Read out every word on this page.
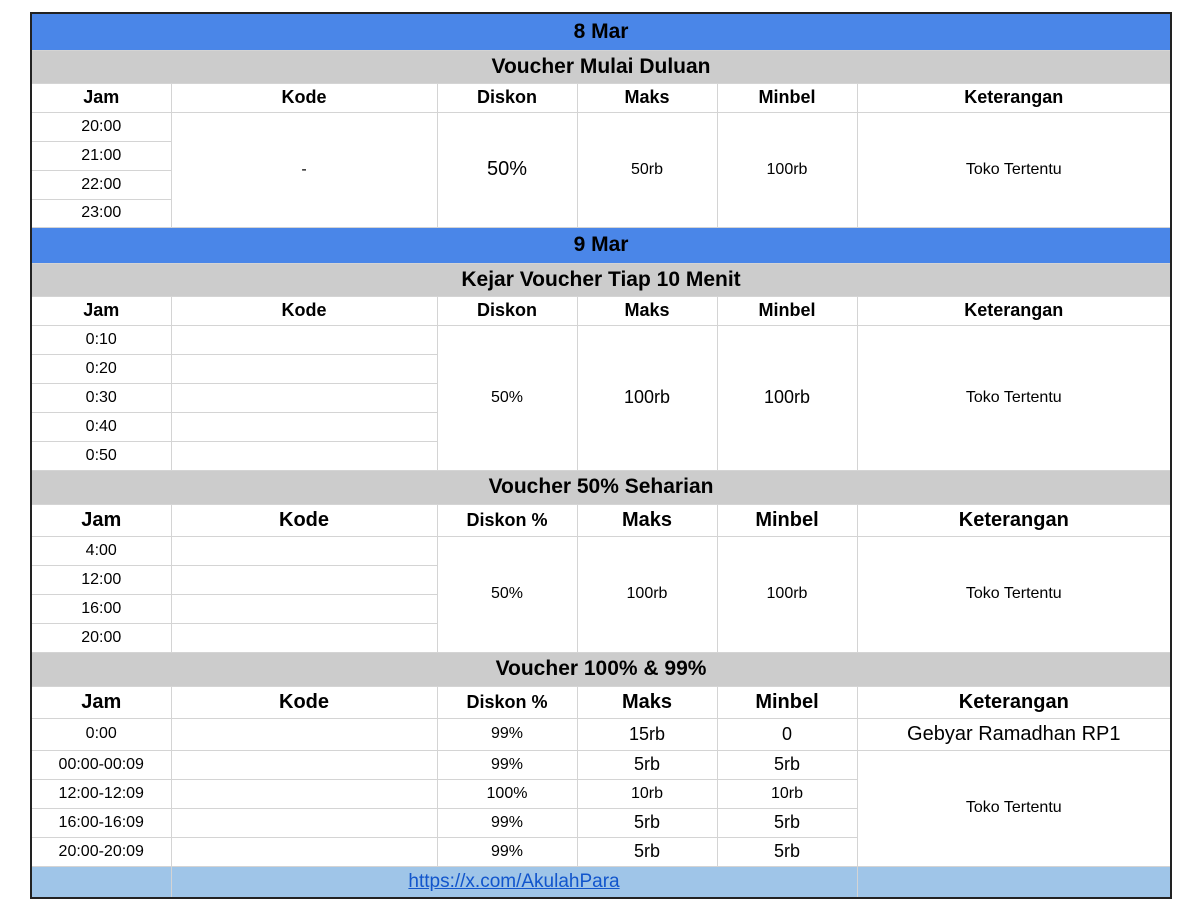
8 Mar					
Voucher Mulai Duluan					
Jam	Kode	Diskon	Maks	Minbel	Keterangan
20:00	-	50%	50rb	100rb	Toko Tertentu
21:00					
22:00					
23:00					
9 Mar					
Kejar Voucher Tiap 10 Menit					
Jam	Kode	Diskon	Maks	Minbel	Keterangan
0:10		50%	100rb	100rb	Toko Tertentu
0:20					
0:30					
0:40					
0:50					
Voucher 50% Seharian					
Jam	Kode	Diskon %	Maks	Minbel	Keterangan
4:00		50%	100rb	100rb	Toko Tertentu
12:00					
16:00					
20:00					
Voucher 100% & 99%					
Jam	Kode	Diskon %	Maks	Minbel	Keterangan
0:00		99%	15rb	0	Gebyar Ramadhan RP1
00:00-00:09		99%	5rb	5rb	Toko Tertentu
12:00-12:09		100%	10rb	10rb	
16:00-16:09		99%	5rb	5rb	
20:00-20:09		99%	5rb	5rb	
	https://x.com/AkulahPara				
